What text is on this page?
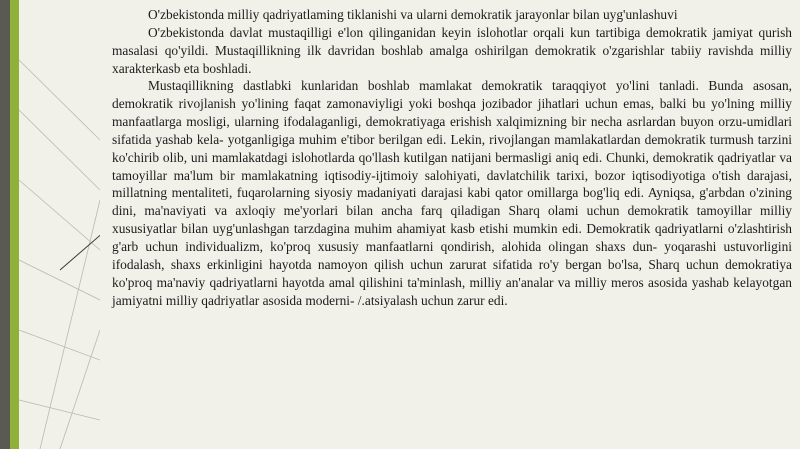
O'zbekistonda milliy qadriyatlaming tiklanishi va ularni demokratik jarayonlar bilan uyg'unlashuvi

O'zbekistonda davlat mustaqilligi e'lon qilinganidan keyin islohotlar orqali kun tartibiga demokratik jamiyat qurish masalasi qo'yildi. Mustaqillikning ilk davridan boshlab amalga oshirilgan demokratik o'zgarishlar tabiiy ravishda milliy xarakterkasb eta boshladi.

Mustaqillikning dastlabki kunlaridan boshlab mamlakat demokratik taraqqiyot yo'lini tanladi. Bunda asosan, demokratik rivojlanish yo'lining faqat zamonaviyligi yoki boshqa jozibador jihatlari uchun emas, balki bu yo'lning milliy manfaatlarga mosligi, ularning ifodalaganligi, demokratiyaga erishish xalqimizning bir necha asrlardan buyon orzu-umidlari sifatida yashab kela- yotganligiga muhim e'tibor berilgan edi. Lekin, rivojlangan mamlakatlardan demokratik turmush tarzini ko'chirib olib, uni mamlakatdagi islohotlarda qo'llash kutilgan natijani bermasligi aniq edi. Chunki, demokratik qadriyatlar va tamoyillar ma'lum bir mamlakatning iqtisodiy-ijtimoiy salohiyati, davlatchilik tarixi, bozor iqtisodiyotiga o'tish darajasi, millatning mentaliteti, fuqarolarning siyosiy madaniyati darajasi kabi qator omillarga bog'liq edi. Ayniqsa, g'arbdan o'zining dini, ma'naviyati va axloqiy me'yorlari bilan ancha farq qiladigan Sharq olami uchun demokratik tamoyillar milliy xususiyatlar bilan uyg'unlashgan tarzdagina muhim ahamiyat kasb etishi mumkin edi. Demokratik qadriyatlarni o'zlashtirish g'arb uchun individualizm, ko'proq xususiy manfaatlarni qondirish, alohida olingan shaxs dun- yoqarashi ustuvorligini ifodalash, shaxs erkinligini hayotda namoyon qilish uchun zarurat sifatida ro'y bergan bo'lsa, Sharq uchun demokratiya ko'proq ma'naviy qadriyatlarni hayotda amal qilishini ta'minlash, milliy an'analar va milliy meros asosida yashab kelayotgan jamiyatni milliy qadriyatlar asosida moderni- /.atsiyalash uchun zarur edi.
